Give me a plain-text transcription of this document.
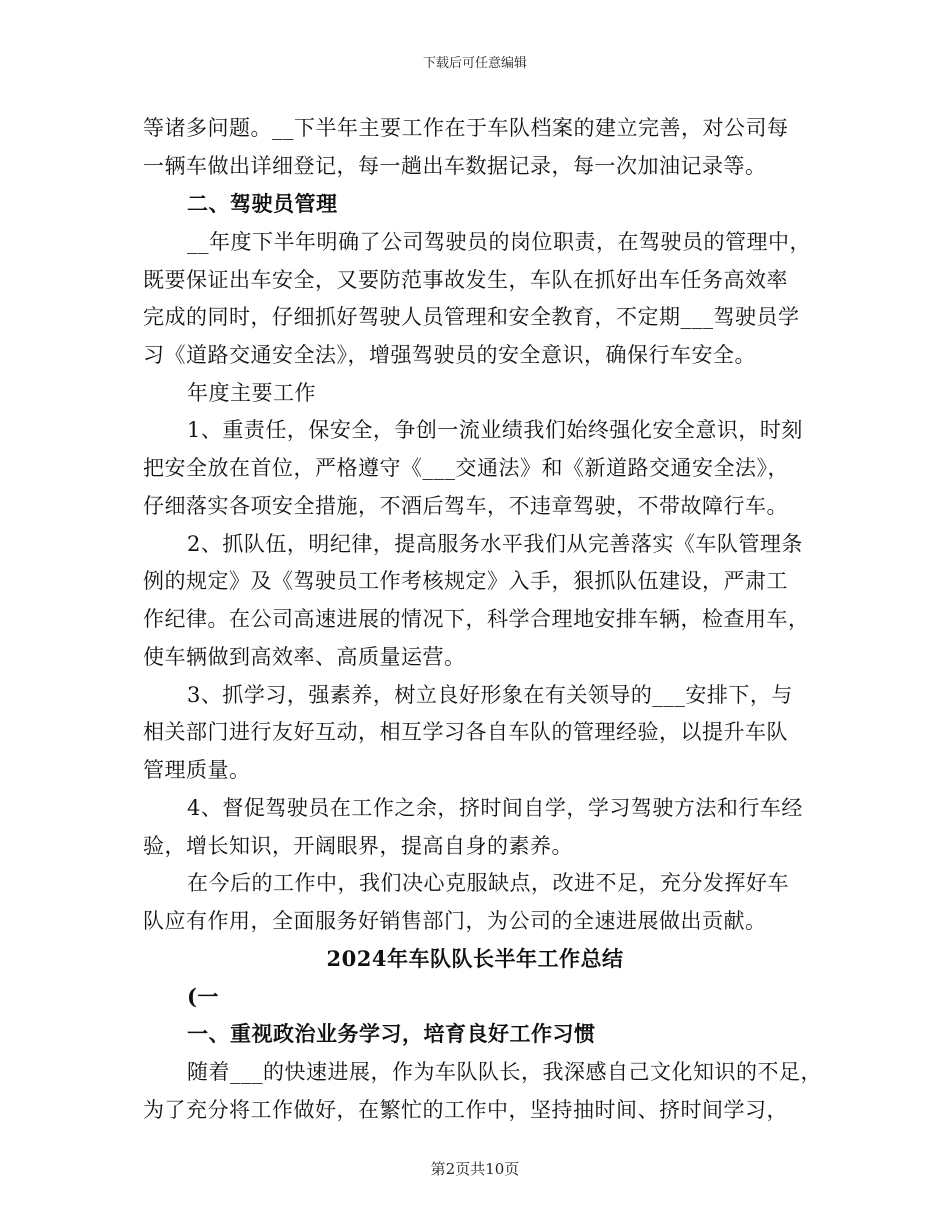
下载后可任意编辑
等诸多问题。__下半年主要工作在于车队档案的建立完善，对公司每
一辆车做出详细登记，每一趟出车数据记录，每一次加油记录等。
二、驾驶员管理
__年度下半年明确了公司驾驶员的岗位职责，在驾驶员的管理中，
既要保证出车安全，又要防范事故发生，车队在抓好出车任务高效率
完成的同时，仔细抓好驾驶人员管理和安全教育，不定期___驾驶员学
习《道路交通安全法》，增强驾驶员的安全意识，确保行车安全。
年度主要工作
1、重责任，保安全，争创一流业绩我们始终强化安全意识，时刻
把安全放在首位，严格遵守《___交通法》和《新道路交通安全法》，
仔细落实各项安全措施，不酒后驾车，不违章驾驶，不带故障行车。
2、抓队伍，明纪律，提高服务水平我们从完善落实《车队管理条
例的规定》及《驾驶员工作考核规定》入手，狠抓队伍建设，严肃工
作纪律。在公司高速进展的情况下，科学合理地安排车辆，检查用车，
使车辆做到高效率、高质量运营。
3、抓学习，强素养，树立良好形象在有关领导的___安排下，与
相关部门进行友好互动，相互学习各自车队的管理经验，以提升车队
管理质量。
4、督促驾驶员在工作之余，挤时间自学，学习驾驶方法和行车经
验，增长知识，开阔眼界，提高自身的素养。
在今后的工作中，我们决心克服缺点，改进不足，充分发挥好车
队应有作用，全面服务好销售部门，为公司的全速进展做出贡献。
2024年车队队长半年工作总结
(一
一、重视政治业务学习，培育良好工作习惯
随着___的快速进展，作为车队队长，我深感自己文化知识的不足，
为了充分将工作做好，在繁忙的工作中，坚持抽时间、挤时间学习，
第2页共10页
